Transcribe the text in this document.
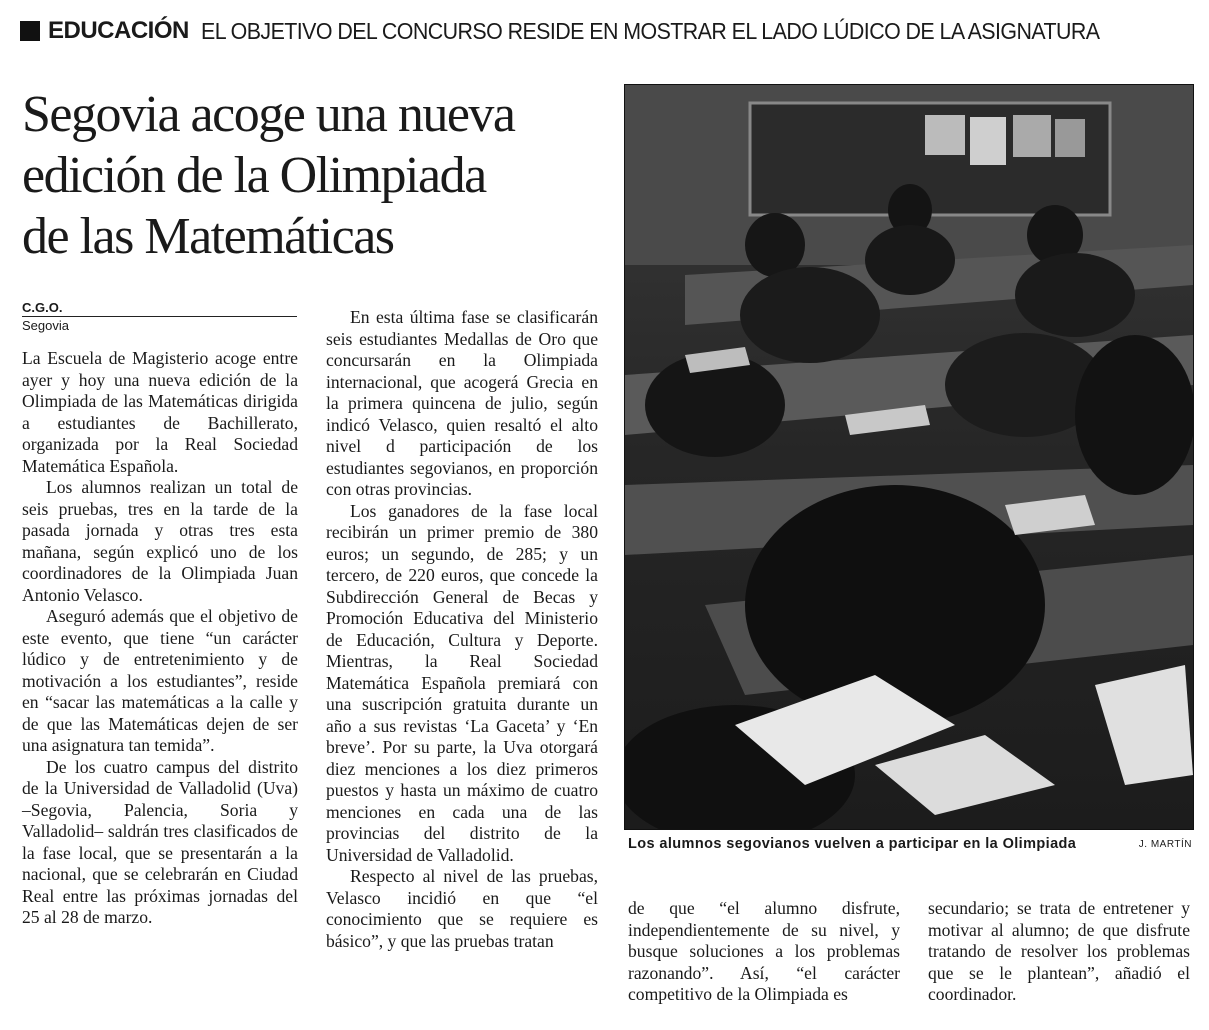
EDUCACIÓN EL OBJETIVO DEL CONCURSO RESIDE EN MOSTRAR EL LADO LÚDICO DE LA ASIGNATURA
Segovia acoge una nueva
edición de la Olimpiada
de las Matemáticas
C.G.O.
Segovia

La Escuela de Magisterio acoge entre ayer y hoy una nueva edición de la Olimpiada de las Matemáticas dirigida a estudiantes de Bachillerato, organizada por la Real Sociedad Matemática Española.

Los alumnos realizan un total de seis pruebas, tres en la tarde de la pasada jornada y otras tres esta mañana, según explicó uno de los coordinadores de la Olimpiada Juan Antonio Velasco.

Aseguró además que el objetivo de este evento, que tiene “un carácter lúdico y de entretenimiento y de motivación a los estudiantes”, reside en “sacar las matemáticas a la calle y de que las Matemáticas dejen de ser una asignatura tan temida”.

De los cuatro campus del distrito de la Universidad de Valladolid (Uva) –Segovia, Palencia, Soria y Valladolid– saldrán tres clasificados de la fase local, que se presentarán a la nacional, que se celebrarán en Ciudad Real entre las próximas jornadas del 25 al 28 de marzo.

En esta última fase se clasificarán seis estudiantes Medallas de Oro que concursarán en la Olimpiada internacional, que acogerá Grecia en la primera quincena de julio, según indicó Velasco, quien resaltó el alto nivel d participación de los estudiantes segovianos, en proporción con otras provincias.

Los ganadores de la fase local recibirán un primer premio de 380 euros; un segundo, de 285; y un tercero, de 220 euros, que concede la Subdirección General de Becas y Promoción Educativa del Ministerio de Educación, Cultura y Deporte. Mientras, la Real Sociedad Matemática Española premiará con una suscripción gratuita durante un año a sus revistas ‘La Gaceta’ y ‘En breve’. Por su parte, la Uva otorgará diez menciones a los diez primeros puestos y hasta un máximo de cuatro menciones en cada una de las provincias del distrito de la Universidad de Valladolid.

Respecto al nivel de las pruebas, Velasco incidió en que “el conocimiento que se requiere es básico”, y que las pruebas tratan

Los alumnos segovianos vuelven a participar en la Olimpiada	J. MARTÍN

de que “el alumno disfrute, independientemente de su nivel, y busque soluciones a los problemas razonando”. Así, “el carácter competitivo de la Olimpiada es

secundario; se trata de entretener y motivar al alumno; de que disfrute tratando de resolver los problemas que se le plantean”, añadió el coordinador.
